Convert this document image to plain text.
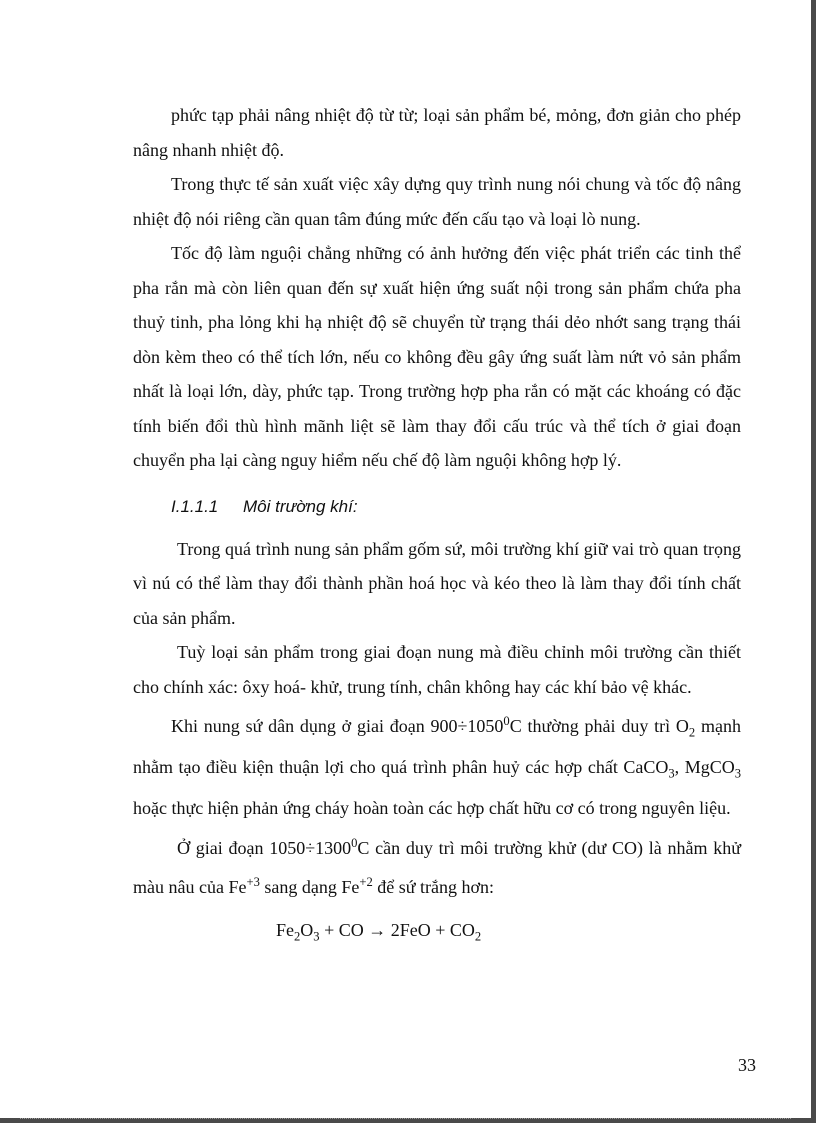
phức tạp phải nâng nhiệt độ từ từ; loại sản phẩm bé, mỏng, đơn giản cho phép nâng nhanh nhiệt độ.

Trong thực tế sản xuất việc xây dựng quy trình nung nói chung và tốc độ nâng nhiệt độ nói riêng cần quan tâm đúng mức đến cấu tạo và loại lò nung.

Tốc độ làm nguội chẳng những có ảnh hưởng đến việc phát triển các tinh thể pha rắn mà còn liên quan đến sự xuất hiện ứng suất nội trong sản phẩm chứa pha thuỷ tinh, pha lỏng khi hạ nhiệt độ sẽ chuyển từ trạng thái dẻo nhớt sang trạng thái dòn kèm theo có thể tích lớn, nếu co không đều gây ứng suất làm nứt vỏ sản phẩm nhất là loại lớn, dày, phức tạp. Trong trường hợp pha rắn có mặt các khoáng có đặc tính biến đổi thù hình mãnh liệt sẽ làm thay đổi cấu trúc và thể tích ở giai đoạn chuyển pha lại càng nguy hiểm nếu chế độ làm nguội không hợp lý.

I.1.1.1 Môi trường khí:

Trong quá trình nung sản phẩm gốm sứ, môi trường khí giữ vai trò quan trọng vì nú có thể làm thay đổi thành phần hoá học và kéo theo là làm thay đổi tính chất của sản phẩm.

Tuỳ loại sản phẩm trong giai đoạn nung mà điều chỉnh môi trường cần thiết cho chính xác: ôxy hoá- khử, trung tính, chân không hay các khí bảo vệ khác.

Khi nung sứ dân dụng ở giai đoạn $900\div 1050^0C$ thường phải duy trì $O_2$ mạnh nhằm tạo điều kiện thuận lợi cho quá trình phân huỷ các hợp chất CaCO$_3$, MgCO$_3$ hoặc thực hiện phản ứng cháy hoàn toàn các hợp chất hữu cơ có trong nguyên liệu.

Ở giai đoạn $1050\div 1300^0C$ cần duy trì môi trường khử (dư CO) là nhằm khử màu nâu của $Fe^{+3}$ sang dạng $Fe^{+2}$ để sứ trắng hơn:

$Fe_2O_3$ + CO → $2FeO + CO_2$
33
